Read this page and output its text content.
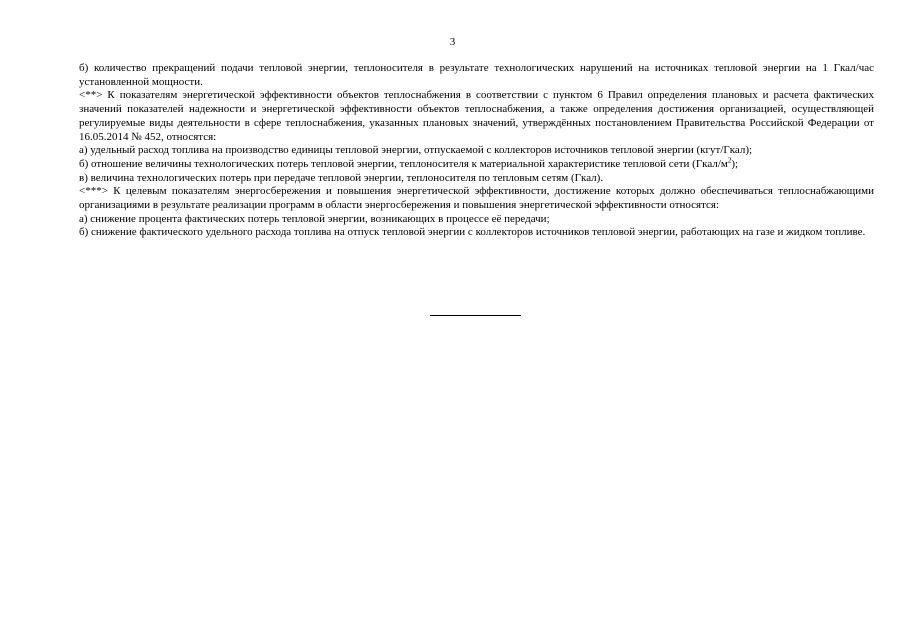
3

б) количество прекращений подачи тепловой энергии, теплоносителя в результате технологических нарушений на источниках тепловой энергии на 1 Гкал/час установленной мощности.

<**> К показателям энергетической эффективности объектов теплоснабжения в соответствии с пунктом 6 Правил определения плановых и расчета фактических значений показателей надежности и энергетической эффективности объектов теплоснабжения, а также определения достижения организацией, осуществляющей регулируемые виды деятельности в сфере теплоснабжения, указанных плановых значений, утверждённых постановлением Правительства Российской Федерации от 16.05.2014 № 452, относятся:

а) удельный расход топлива на производство единицы тепловой энергии, отпускаемой с коллекторов источников тепловой энергии (кгут/Гкал);

б) отношение величины технологических потерь тепловой энергии, теплоносителя к материальной характеристике тепловой сети $(Гкал/м^2)$;

в) величина технологических потерь при передаче тепловой энергии, теплоносителя по тепловым сетям (Гкал).

<***> К целевым показателям энергосбережения и повышения энергетической эффективности, достижение которых должно обеспечиваться теплоснабжающими организациями в результате реализации программ в области энергосбережения и повышения энергетической эффективности относятся:

а) снижение процента фактических потерь тепловой энергии, возникающих в процессе её передачи;

б) снижение фактического удельного расхода топлива на отпуск тепловой энергии с коллекторов источников тепловой энергии, работающих на газе и жидком топливе.
